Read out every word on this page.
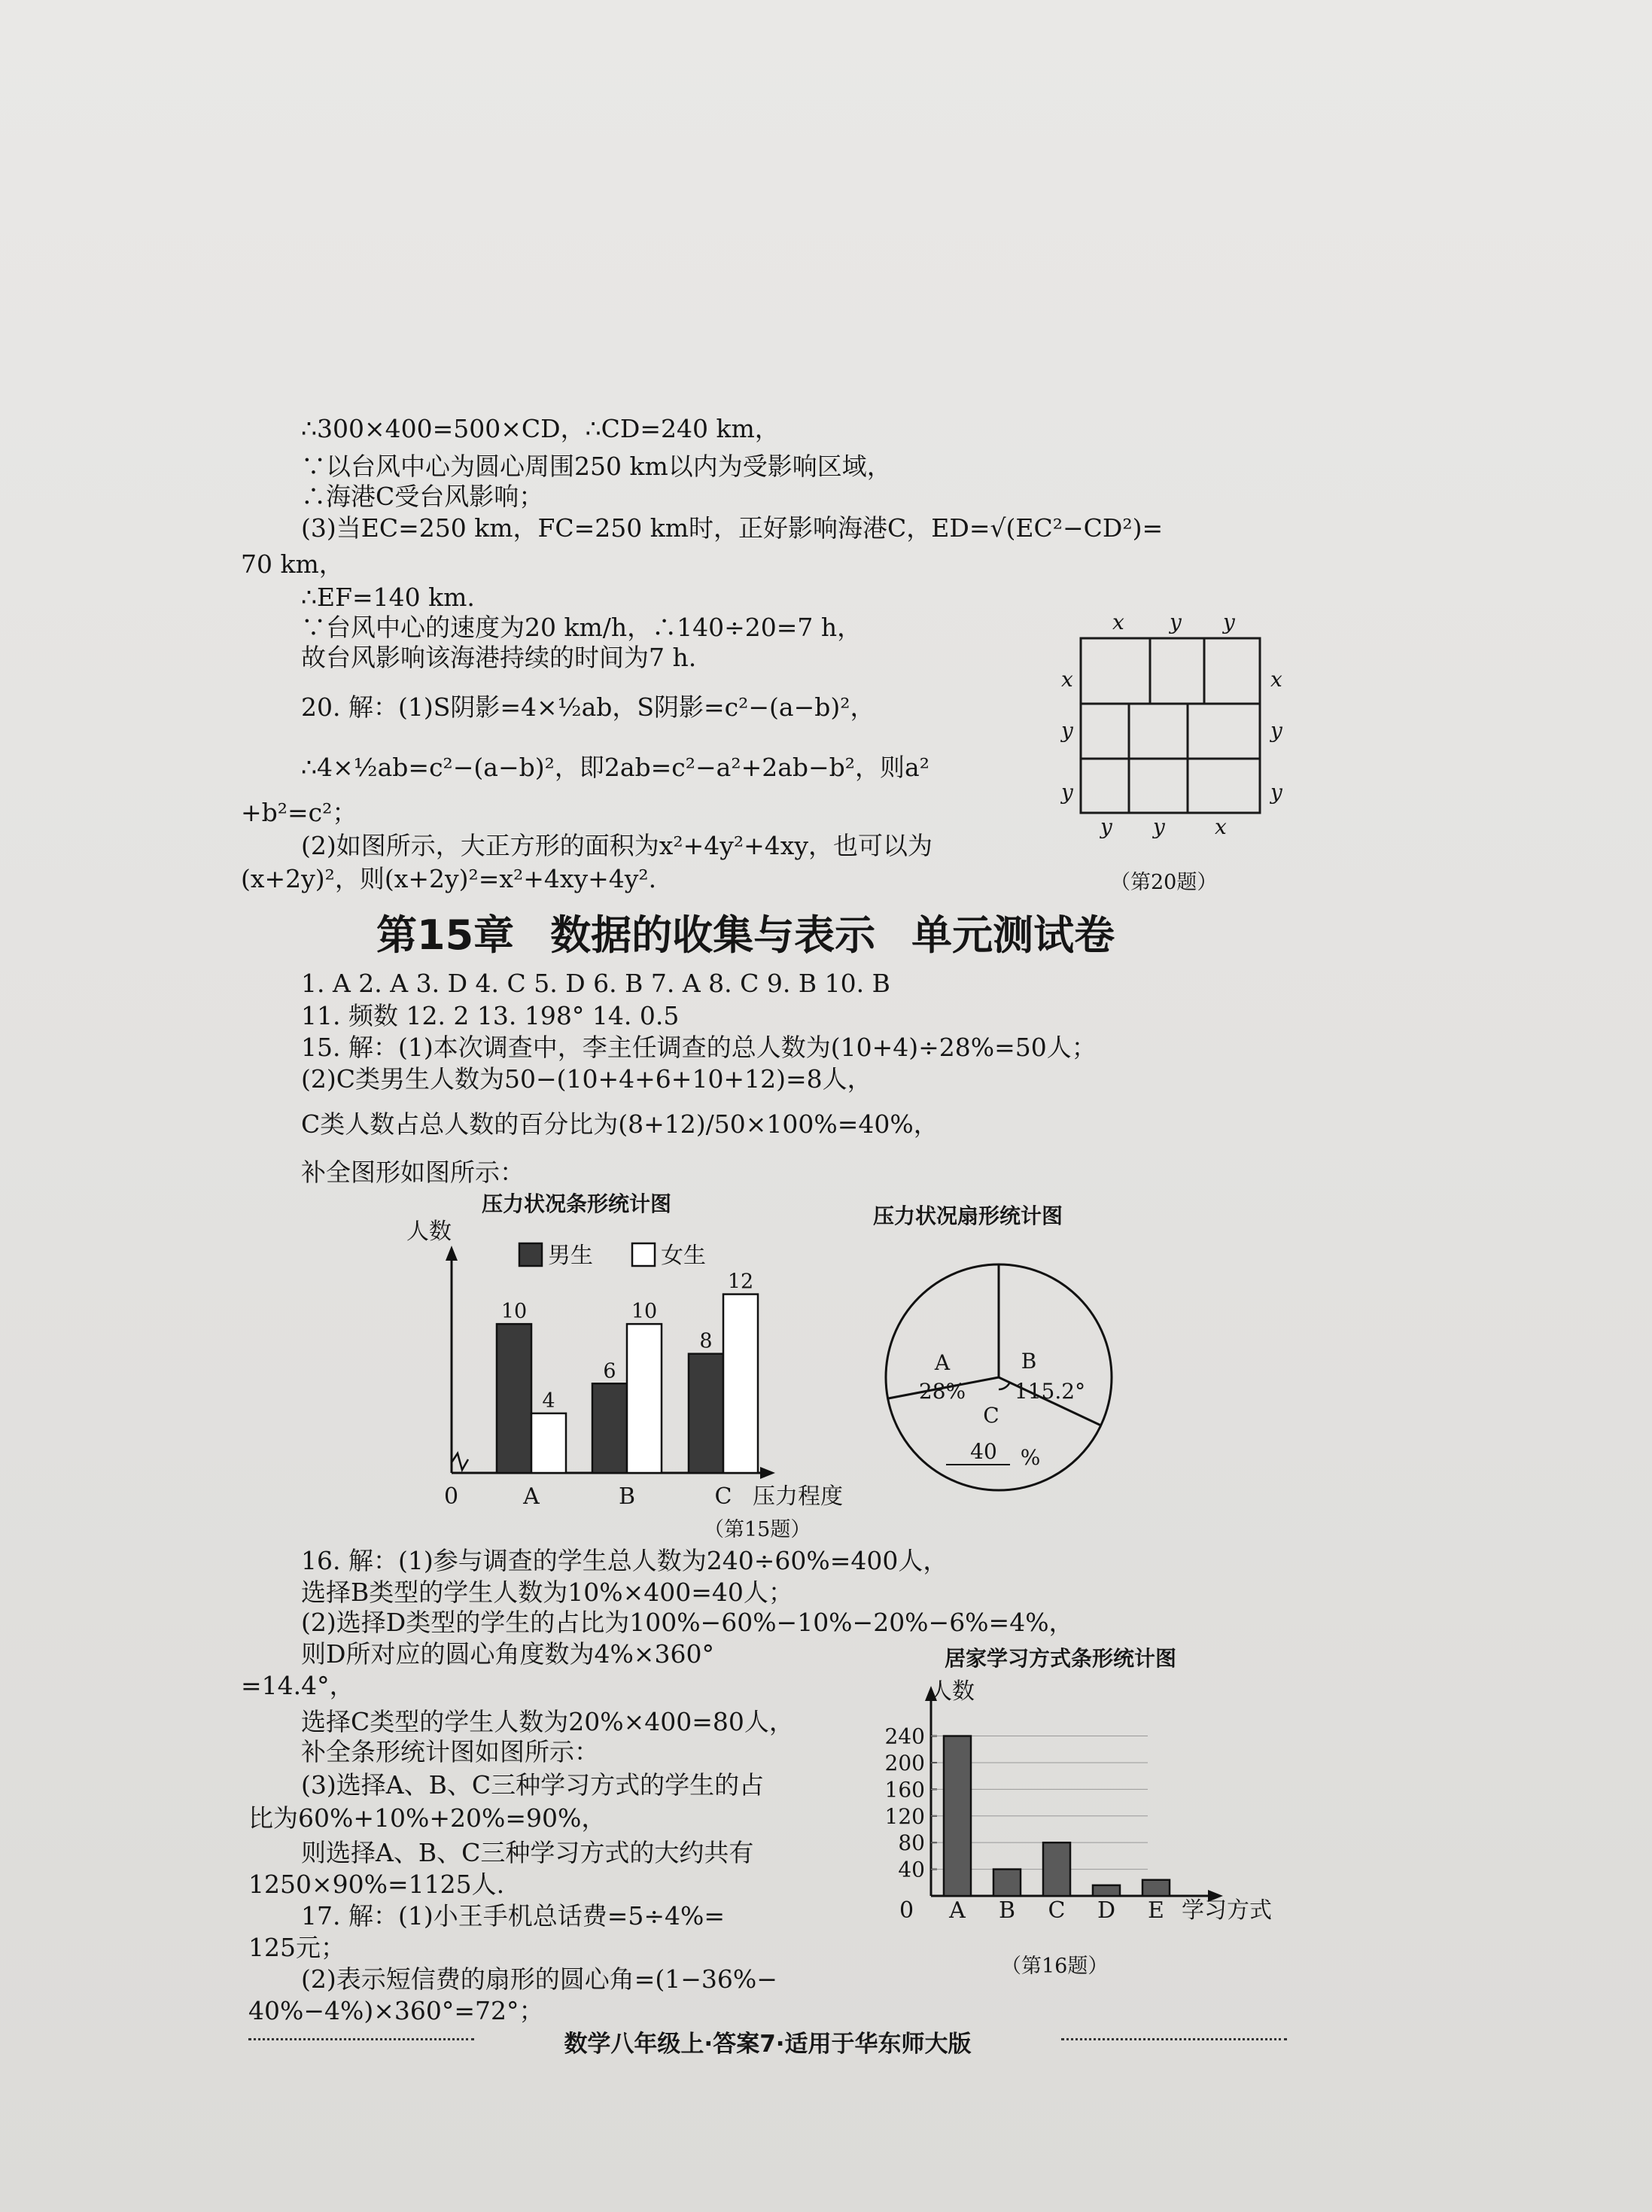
∴300×400=500×CD，∴CD=240 km，
∵以台风中心为圆心周围250 km以内为受影响区域，
∴海港C受台风影响；
(3)当EC=250 km，FC=250 km时，正好影响海港C，ED=√(EC²−CD²)=
70 km，
∴EF=140 km.
∵台风中心的速度为20 km/h，∴140÷20=7 h，
故台风影响该海港持续的时间为7 h.
20. 解：(1)S阴影=4×½ab，S阴影=c²−(a−b)²，
∴4×½ab=c²−(a−b)²，即2ab=c²−a²+2ab−b²，则a²
+b²=c²；
(2)如图所示，大正方形的面积为x²+4y²+4xy，也可以为
(x+2y)²，则(x+2y)²=x²+4xy+4y².
x y y
x
y
y
x
y
y
y y x
（第20题）
第15章 数据的收集与表示 单元测试卷
1. A 2. A 3. D 4. C 5. D 6. B 7. A 8. C 9. B 10. B
11. 频数 12. 2 13. 198° 14. 0.5
15. 解：(1)本次调查中，李主任调查的总人数为(10+4)÷28%=50人；
(2)C类男生人数为50−(10+4+6+10+12)=8人，
C类人数占总人数的百分比为(8+12)/50×100%=40%，
补全图形如图所示：
压力状况条形统计图	压力状况扇形统计图
人数
0	压力程度
男生	女生
10
4
A
6
10
B
8
12
C
（第15题）
B
C
A
28% 115.2°
40 %
16. 解：(1)参与调查的学生总人数为240÷60%=400人，
选择B类型的学生人数为10%×400=40人；
(2)选择D类型的学生的占比为100%−60%−10%−20%−6%=4%，
则D所对应的圆心角度数为4%×360°
=14.4°，
选择C类型的学生人数为20%×400=80人，
补全条形统计图如图所示：
(3)选择A、B、C三种学习方式的学生的占
比为60%+10%+20%=90%，
则选择A、B、C三种学习方式的大约共有
1250×90%=1125人.
17. 解：(1)小王手机总话费=5÷4%=
125元；
(2)表示短信费的扇形的圆心角=(1−36%−
40%−4%)×360°=72°；
居家学习方式条形统计图
人数
0	学习方式
40
80
120
160
200
240
A B C D E
（第16题）
数学八年级上·答案7·适用于华东师大版
